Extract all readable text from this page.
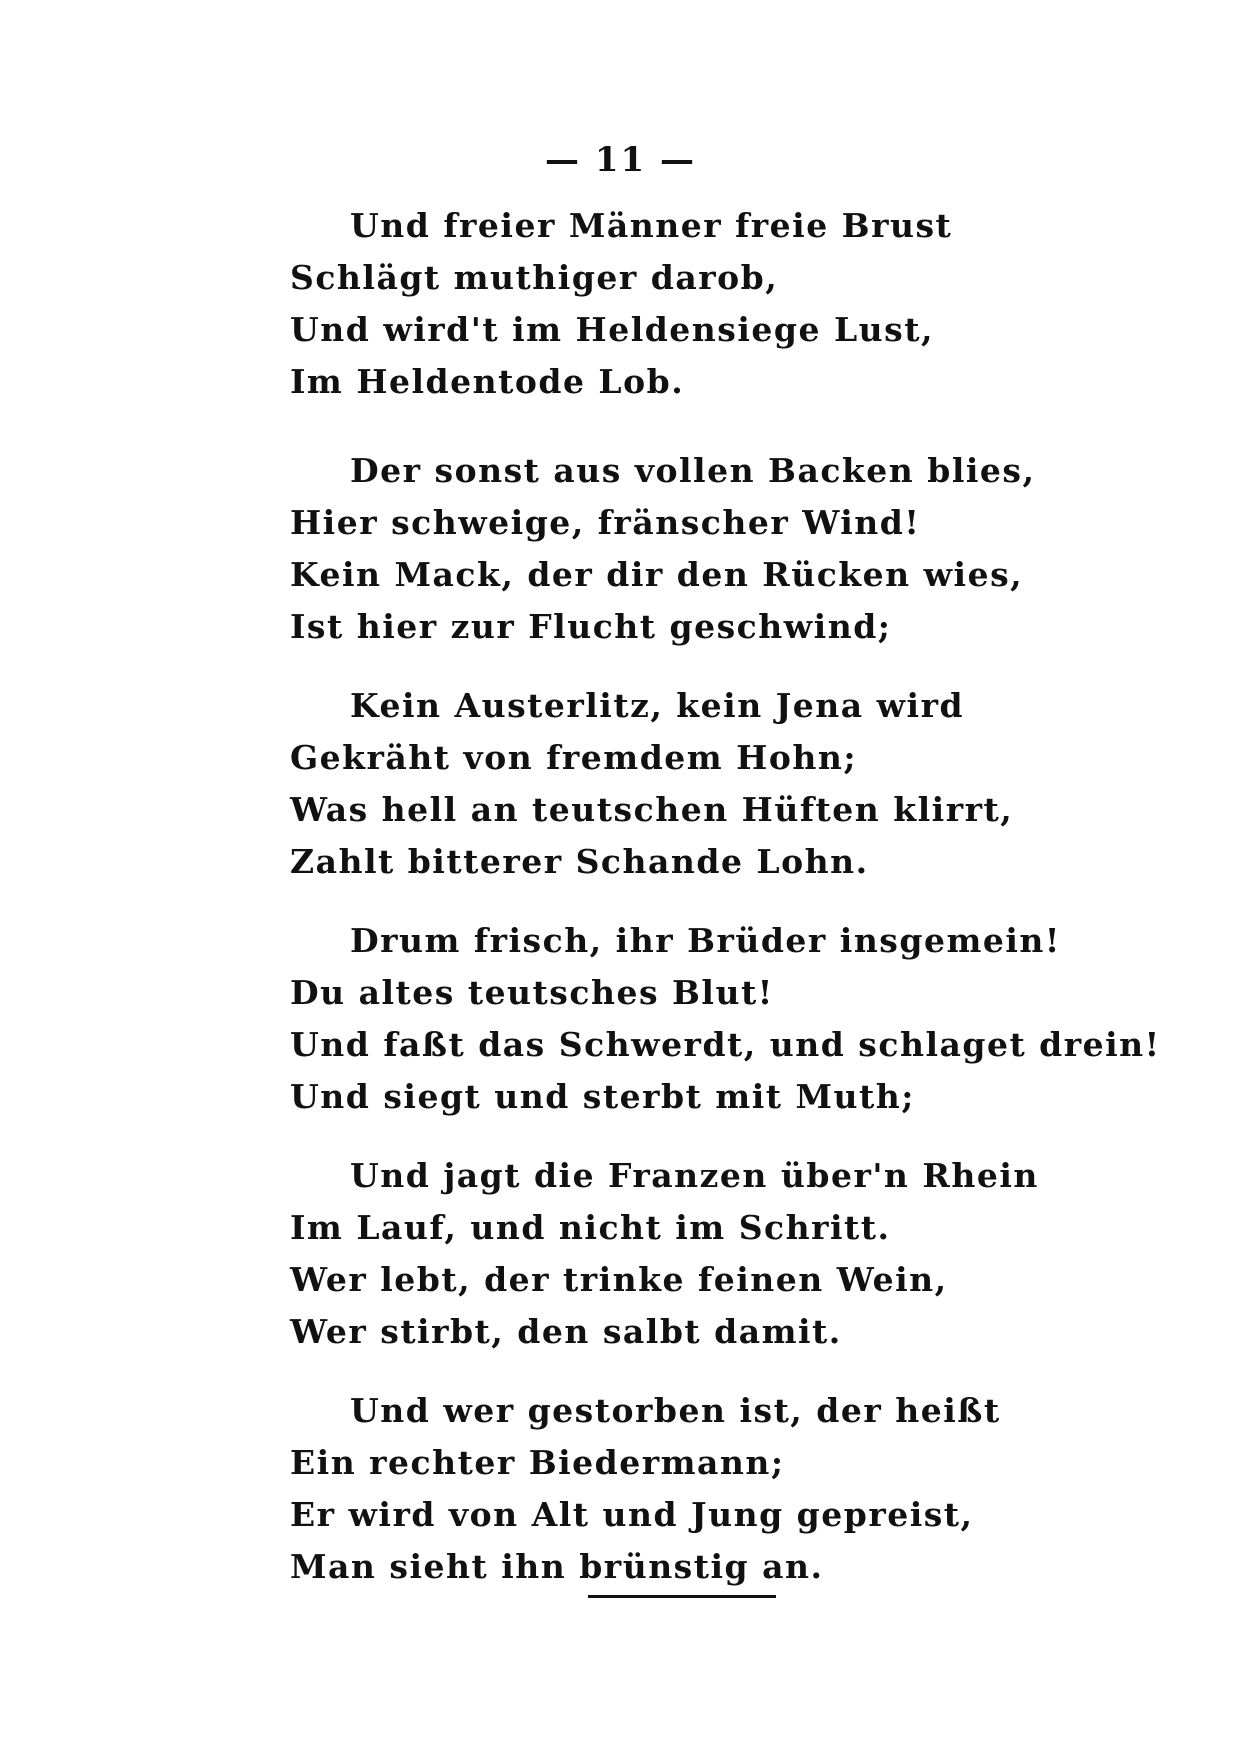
— 11 —
Und freier Männer freie Brust
Schlägt muthiger darob,
Und wird't im Heldensiege Lust,
Im Heldentode Lob.
Der sonst aus vollen Backen blies,
Hier schweige, fränscher Wind!
Kein Mack, der dir den Rücken wies,
Ist hier zur Flucht geschwind;
Kein Austerlitz, kein Jena wird
Gekräht von fremdem Hohn;
Was hell an teutschen Hüften klirrt,
Zahlt bitterer Schande Lohn.
Drum frisch, ihr Brüder insgemein!
Du altes teutsches Blut!
Und faßt das Schwerdt, und schlaget drein!
Und siegt und sterbt mit Muth;
Und jagt die Franzen über'n Rhein
Im Lauf, und nicht im Schritt.
Wer lebt, der trinke feinen Wein,
Wer stirbt, den salbt damit.
Und wer gestorben ist, der heißt
Ein rechter Biedermann;
Er wird von Alt und Jung gepreist,
Man sieht ihn brünstig an.
